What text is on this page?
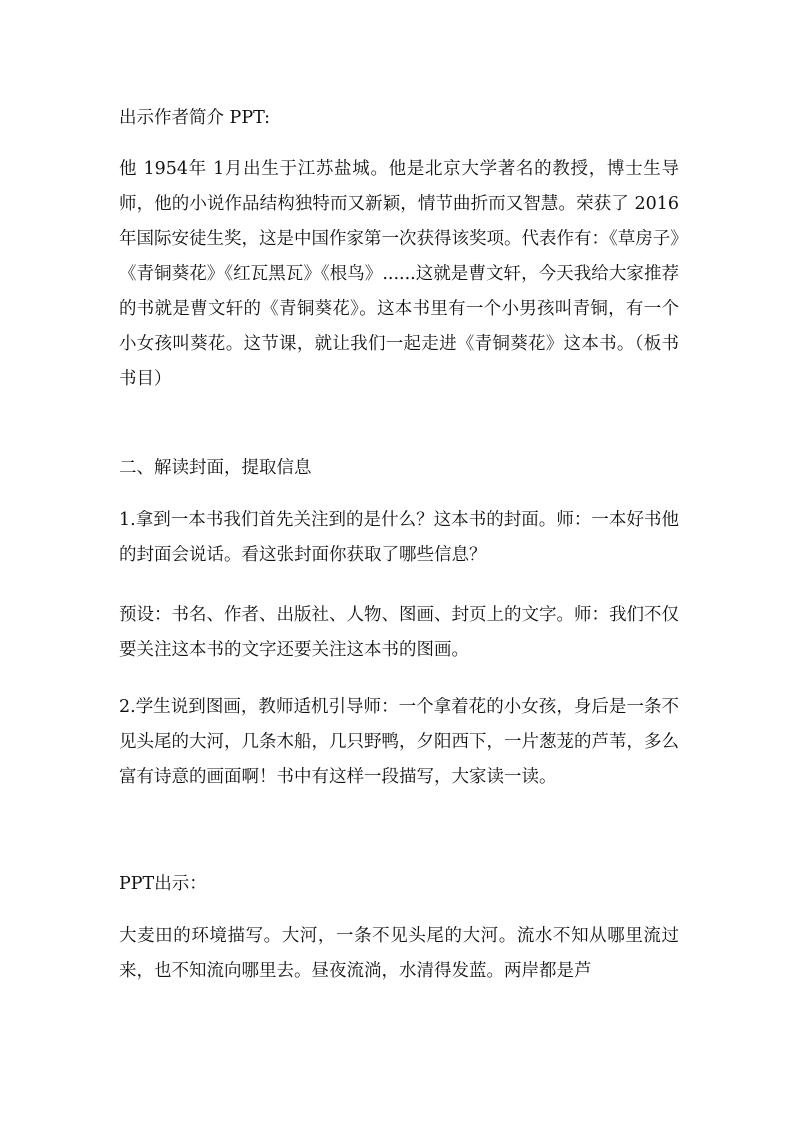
出示作者简介 PPT:

他 1954年 1月出生于江苏盐城。他是北京大学著名的教授，博士生导师，他的小说作品结构独特而又新颖，情节曲折而又智慧。荣获了 2016年国际安徒生奖，这是中国作家第一次获得该奖项。代表作有：《草房子》《青铜葵花》《红瓦黑瓦》《根鸟》......这就是曹文轩，今天我给大家推荐的书就是曹文轩的《青铜葵花》。这本书里有一个小男孩叫青铜，有一个小女孩叫葵花。这节课，就让我们一起走进《青铜葵花》这本书。（板书书目）

二、解读封面，提取信息

1.拿到一本书我们首先关注到的是什么？这本书的封面。师：一本好书他的封面会说话。看这张封面你获取了哪些信息？

预设：书名、作者、出版社、人物、图画、封页上的文字。师：我们不仅要关注这本书的文字还要关注这本书的图画。

2.学生说到图画，教师适机引导师：一个拿着花的小女孩，身后是一条不见头尾的大河，几条木船，几只野鸭，夕阳西下，一片葱茏的芦苇，多么富有诗意的画面啊！书中有这样一段描写，大家读一读。

PPT出示：

大麦田的环境描写。大河，一条不见头尾的大河。流水不知从哪里流过来，也不知流向哪里去。昼夜流淌，水清得发蓝。两岸都是芦
